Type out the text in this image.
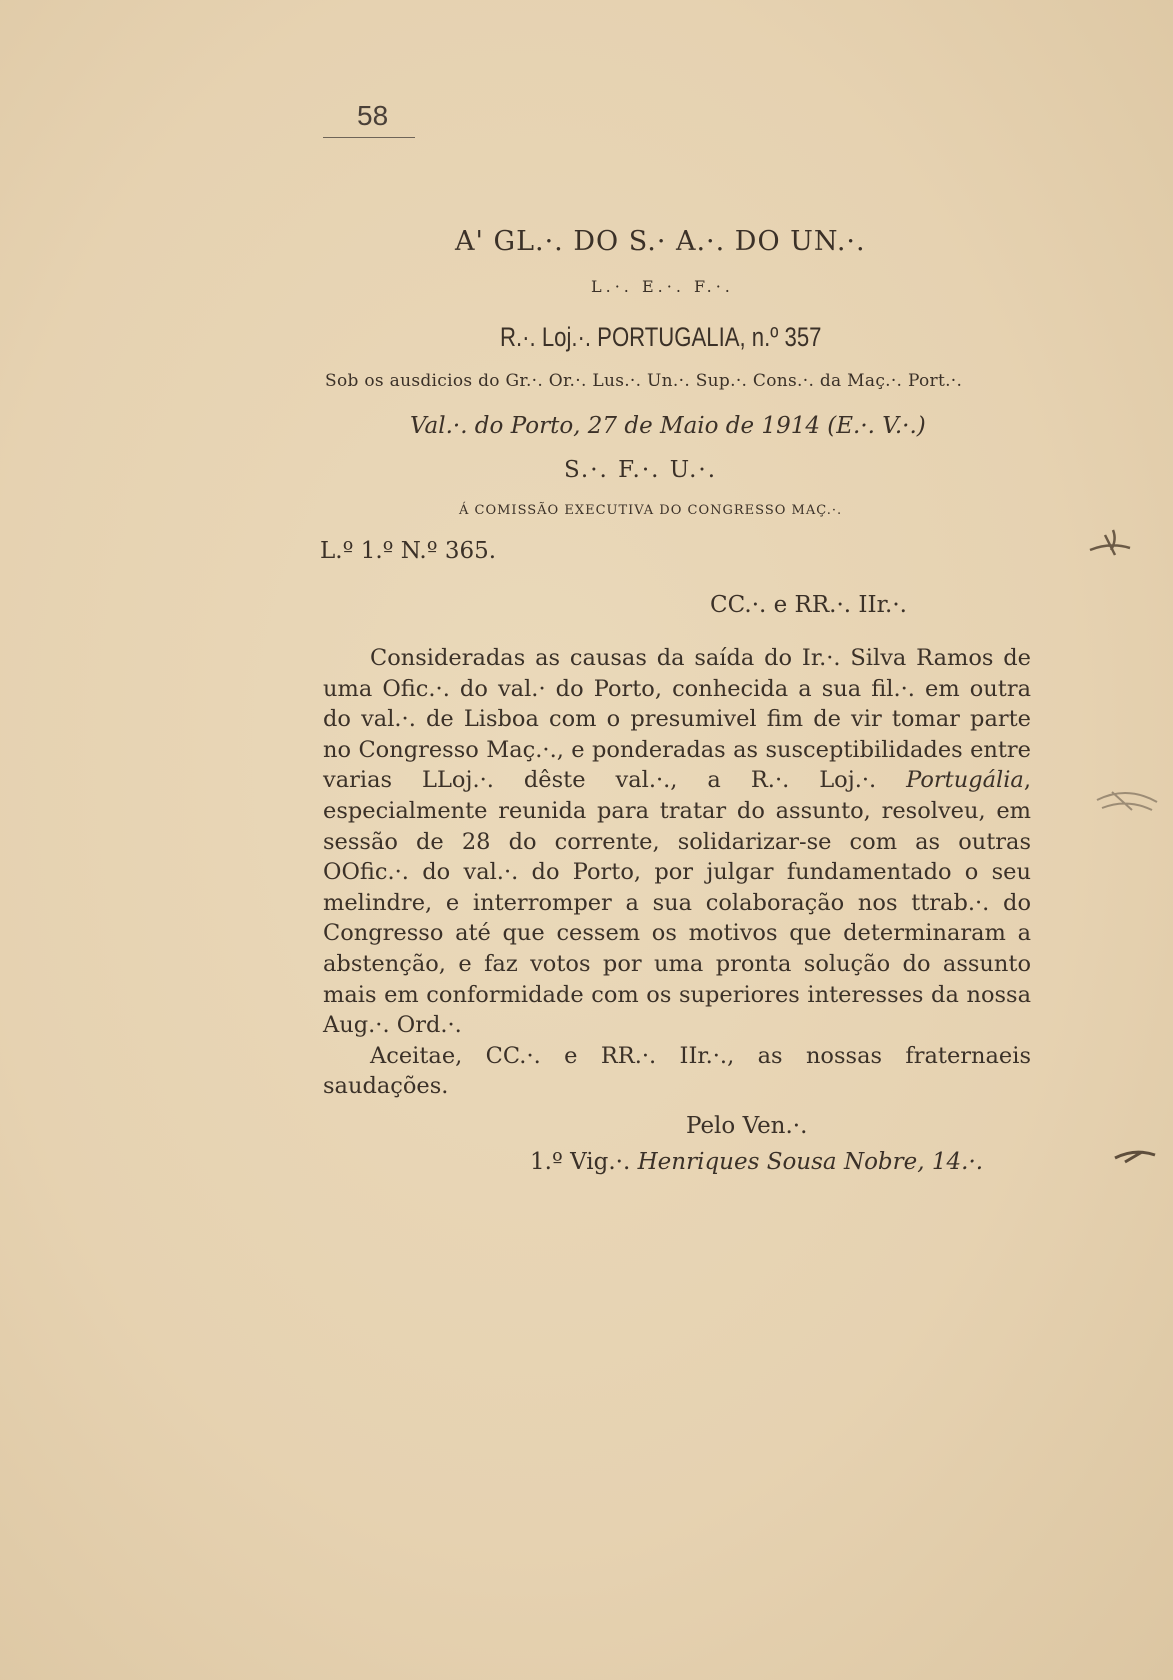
58
A' GL.·. DO S.· A.·. DO UN.·.
L.·. E.·. F.·.
R.·. Loj.·. PORTUGALIA, n.º 357
Sob os ausdicios do Gr.·. Or.·. Lus.·. Un.·. Sup.·. Cons.·. da Maç.·. Port.·.
Val.·. do Porto, 27 de Maio de 1914 (E.·. V.·.)
S.·. F.·. U.·.
Á COMISSÃO EXECUTIVA DO CONGRESSO MAÇ.·.
L.º 1.º N.º 365.
CC.·. e RR.·. IIr.·.

Consideradas as causas da saída do Ir.·. Silva Ramos de uma Ofic.·. do val.· do Porto, conhecida a sua fil.·. em outra do val.·. de Lisboa com o presumivel fim de vir tomar parte no Congresso Maç.·., e ponderadas as susceptibilidades entre varias LLoj.·. dêste val.·., a R.·. Loj.·. Portugália, especialmente reunida para tratar do assunto, resolveu, em sessão de 28 do corrente, solidarizar-se com as outras OOfic.·. do val.·. do Porto, por julgar fundamentado o seu melindre, e interromper a sua colaboração nos ttrab.·. do Congresso até que cessem os motivos que determinaram a abstenção, e faz votos por uma pronta solução do assunto mais em conformidade com os superiores interesses da nossa Aug.·. Ord.·.

Aceitae, CC.·. e RR.·. IIr.·., as nossas fraternaeis saudações.

Pelo Ven.·.
1.º Vig.·. Henriques Sousa Nobre, 14.·.
